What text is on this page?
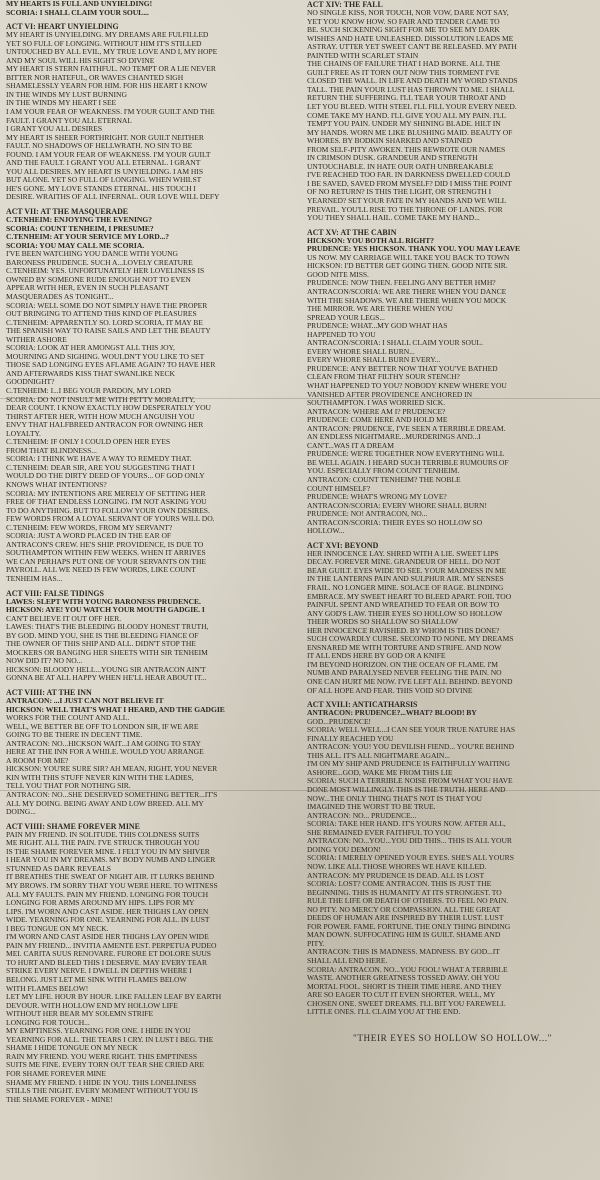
MY HEARTS IS FULL AND UNYIELDING!
SCORIA: I SHALL CLAIM YOUR SOUL...
ACT VI: HEART UNYIELDING
MY HEART IS UNYIELDING. MY DREAMS ARE FULFILLED
YET SO FULL OF LONGING. WITHOUT HIM IT'S STILLED
UNTOUCHED BY ALL EVIL, MY TRUE LOVE AND I, MY HOPE
AND MY SOUL WILL HIS SIGHT SO DIVINE
MY HEART IS STERN FAITHFUL. NO TEMPT OR A LIE NEVER
BITTER NOR HATEFUL, OR WAVES CHANTED SIGH
SHAMELESSLY YEARN FOR HIM. FOR HIS HEART I KNOW
IN THE WINDS MY LUST BURNING
IN THE WINDS MY HEART I SEE
I AM YOUR FEAR OF WEAKNESS. I'M YOUR GUILT AND THE
FAULT. I GRANT YOU ALL ETERNAL
I GRANT YOU ALL DESIRES
MY HEART IS SHEER FORTHRIGHT. NOR GUILT NEITHER
FAULT. NO SHADOWS OF HELLWRATH. NO SIN TO BE
FOUND. I AM YOUR FEAR OF WEAKNESS. I'M YOUR GUILT
AND THE FAULT. I GRANT YOU ALL ETERNAL. I GRANT
YOU ALL DESIRES. MY HEART IS UNYIELDING. I AM HIS
BUT ALONE. YET SO FULL OF LONGING. WHEN WHILST
HE'S GONE. MY LOVE STANDS ETERNAL. HIS TOUCH I
DESIRE. WRAITHS OF ALL INFERNAL. OUR LOVE WILL DEFY
ACT VII: AT THE MASQUERADE
C.TENHEIM: ENJOYING THE EVENING?
SCORIA: COUNT TENHEIM, I PRESUME?
C.TENHEIM: AT YOUR SERVICE MY LORD...?
SCORIA: YOU MAY CALL ME SCORIA.
I'VE BEEN WATCHING YOU DANCE WITH YOUNG
BARONESS PRUDENCE. SUCH A...LOVELY CREATURE
C.TENHEIM: YES. UNFORTUNATELY HER LOVELINESS IS
OWNED BY SOMEONE RUDE ENOUGH NOT TO EVEN
APPEAR WITH HER, EVEN IN SUCH PLEASANT
MASQUERADES AS TONIGHT...
SCORIA: WELL SOME DO NOT SIMPLY HAVE THE PROPER
OUT BRINGING TO ATTEND THIS KIND OF PLEASURES
C.TENHEIM: APPARENTLY SO. LORD SCORIA, IT MAY BE
THE SPANISH WAY TO RAISE SAILS AND LET THE BEAUTY
WITHER ASHORE
SCORIA: LOOK AT HER AMONGST ALL THIS JOY,
MOURNING AND SIGHING. WOULDN'T YOU LIKE TO SET
THOSE SAD LONGING EYES AFLAME AGAIN? TO HAVE HER
AND AFTERWARDS KISS THAT SWANLIKE NECK
GOODNIGHT?
C.TENHEIM: I...I BEG YOUR PARDON, MY LORD
SCORIA: DO NOT INSULT ME WITH PETTY MORALITY,
DEAR COUNT. I KNOW EXACTLY HOW DESPERATELY YOU
THIRST AFTER HER, WITH HOW MUCH ANGUISH YOU
ENVY THAT HALFBREED ANTRACON FOR OWNING HER
LOYALTY.
C.TENHEIM: IF ONLY I COULD OPEN HER EYES
FROM THAT BLINDNESS...
SCORIA: I THINK WE HAVE A WAY TO REMEDY THAT.
C.TENHEIM: DEAR SIR, ARE YOU SUGGESTING THAT I
WOULD DO THE DIRTY DEED OF YOURS... OF GOD ONLY
KNOWS WHAT INTENTIONS?
SCORIA: MY INTENTIONS ARE MERELY OF SETTING HER
FREE OF THAT ENDLESS LONGING. I'M NOT ASKING YOU
TO DO ANYTHING. BUT TO FOLLOW YOUR OWN DESIRES.
FEW WORDS FROM A LOYAL SERVANT OF YOURS WILL DO.
C.TENHEIM: FEW WORDS, FROM MY SERVANT?
SCORIA: JUST A WORD PLACED IN THE EAR OF
ANTRACON'S CREW. HE'S SHIP. PROVIDENCE, IS DUE TO
SOUTHAMPTON WITHIN FEW WEEKS. WHEN IT ARRIVES
WE CAN PERHAPS PUT ONE OF YOUR SERVANTS ON THE
PAYROLL. ALL WE NEED IS FEW WORDS, LIKE COUNT
TENHEIM HAS...
ACT VIII: FALSE TIDINGS
LAWES: SLEPT WITH YOUNG BARONESS PRUDENCE.
HICKSON: AYE! YOU WATCH YOUR MOUTH GADGIE. I
CAN'T BELIEVE IT OUT OFF HER.
LAWES: THAT'S THE BLEEDING BLOODY HONEST TRUTH,
BY GOD. MIND YOU, SHE IS THE BLEEDING FIANCE OF
THE OWNER OF THIS SHIP AND ALL. DIDN'T STOP THE
MOCKERS OR BANGING HER SHEETS WITH SIR TENHEIM
NOW DID IT? NO NO...
HICKSON: BLOODY HELL...YOUNG SIR ANTRACON AIN'T
GONNA BE AT ALL HAPPY WHEN HE'LL HEAR ABOUT IT...
ACT VIIII: AT THE INN
ANTRACON: ...I JUST CAN NOT BELIEVE IT
HICKSON: WELL THAT'S WHAT I HEARD, AND THE GADGIE
WORKS FOR THE COUNT AND ALL.
WELL, WE BETTER BE OFF TO LONDON SIR, IF WE ARE
GOING TO BE THERE IN DECENT TIME.
ANTRACON: NO...HICKSON WAIT...I AM GOING TO STAY
HERE AT THE INN FOR A WHILE. WOULD YOU ARRANGE
A ROOM FOR ME?
HICKSON: YOU'RE SURE SIR? AH MEAN, RIGHT, YOU NEVER
KIN WITH THIS STUFF NEVER KIN WITH THE LADIES,
TELL YOU THAT FOR NOTHING SIR.
ANTRACON: NO...SHE DESERVED SOMETHING BETTER...IT'S
ALL MY DOING. BEING AWAY AND LOW BREED. ALL MY
DOING...
ACT VIIII: SHAME FOREVER MINE
PAIN MY FRIEND. IN SOLITUDE. THIS COLDNESS SUITS
ME RIGHT. ALL THE PAIN. I'VE STRUCK THROUGH YOU
IS THE SHAME FOREVER MINE. I FELT YOU IN MY SHIVER
I HEAR YOU IN MY DREAMS. MY BODY NUMB AND LINGER
STUNNED AS DARK REVEALS
IT BREATHES THE SWEAT OF NIGHT AIR. IT LURKS BEHIND
MY BROWS. I'M SORRY THAT YOU WERE HERE. TO WITNESS
ALL MY FAULTS. PAIN MY FRIEND. LONGING FOR TOUCH
LONGING FOR ARMS AROUND MY HIPS. LIPS FOR MY
LIPS. I'M WORN AND CAST ASIDE. HER THIGHS LAY OPEN
WIDE. YEARNING FOR ONE. YEARNING FOR ALL. IN LUST
I BEG TONGUE ON MY NECK.
I'M WORN AND CAST ASIDE HER THIGHS LAY OPEN WIDE
PAIN MY FRIEND... INVITIA AMENTE EST. PERPETUA PUDEO
MEI. CARITA SUUS RENOVARE. FURORE ET DOLORE SUUS
TO HURT AND BLEED THIS I DESERVE. MAY EVERY TEAR
STRIKE EVERY NERVE. I DWELL IN DEPTHS WHERE I
BELONG. JUST LET ME SINK WITH FLAMES BELOW
WITH FLAMES BELOW!
LET MY LIFE. HOUR BY HOUR. LIKE FALLEN LEAF BY EARTH
DEVOUR. WITH HOLLOW END MY HOLLOW LIFE
WITHOUT HER BEAR MY SOLEMN STRIFE
LONGING FOR TOUCH...
MY EMPTINESS. YEARNING FOR ONE. I HIDE IN YOU
YEARNING FOR ALL. THE TEARS I CRY. IN LUST I BEG. THE
SHAME I HIDE TONGUE ON MY NECK
RAIN MY FRIEND. YOU WERE RIGHT. THIS EMPTINESS
SUITS ME FINE. EVERY TORN OUT TEAR SHE CRIED ARE
FOR SHAME FOREVER MINE
SHAME MY FRIEND. I HIDE IN YOU. THIS LONELINESS
STILLS THE NIGHT. EVERY MOMENT WITHOUT YOU IS
THE SHAME FOREVER - MINE!
ACT XIV: THE FALL
NO SINGLE KISS, NOR TOUCH, NOR VOW, DARE NOT SAY,
YET YOU KNOW HOW. SO FAIR AND TENDER CAME TO
BE. SUCH SICKENING SIGHT FOR ME TO SEE MY DARK
WISHES AND HATE UNLEASHED. DISSOLUTION LEADS ME
ASTRAY. UTTER YET SWEET CAN'T BE RELEASED. MY PATH
PAINTED WITH SCARLET STAIN
THE CHAINS OF FAILURE THAT I HAD BORNE. ALL THE
GUILT FREE AS IT TORN OUT NOW THIS TORMENT I'VE
CLOSED THE WALL. IN LIFE AND DEATH MY WORD STANDS
TALL. THE PAIN YOUR LUST HAS THROWN TO ME. I SHALL
RETURN THE SUFFERING. I'LL TEAR YOUR THROAT AND
LET YOU BLEED. WITH STEEL I'LL FILL YOUR EVERY NEED.
COME TAKE MY HAND. I'LL GIVE YOU ALL MY PAIN. I'LL
TEMPT YOU PAIN. UNDER MY SHINING BLADE. HILT IN
MY HANDS. WORN ME LIKE BLUSHING MAID. BEAUTY OF
WHORES. BY BODKIN SHARKED AND STAINED
FROM SELF-PITY AWOKEN. THIS REWROTE OUR NAMES
IN CRIMSON DUSK. GRANDEUR AND STRENGTH
UNTOUCHABLE. IN HATE OUR OATH UNBREAKABLE
I'VE REACHED TOO FAR. IN DARKNESS DWELLED COULD
I BE SAVED, SAVED FROM MYSELF? DID I MISS THE POINT
OF NO RETURN? IS THIS THE LIGHT, OR STRENGTH I
YEARNED? SET YOUR FATE IN MY HANDS AND WE WILL
PREVAIL. YOU'LL RISE TO THE THRONE OF LANDS. FOR
YOU THEY SHALL HAIL. COME TAKE MY HAND...
ACT XV: AT THE CABIN
HICKSON: YOU BOTH ALL RIGHT?
PRUDENCE: YES HICKSON. THANK YOU. YOU MAY LEAVE
US NOW. MY CARRIAGE WILL TAKE YOU BACK TO TOWN
HICKSON: I'D BETTER GET GOING THEN. GOOD NITE SIR.
GOOD NITE MISS.
PRUDENCE: NOW THEN. FEELING ANY BETTER HMH?
ANTRACON/SCORIA: WE ARE THERE WHEN YOU DANCE
WITH THE SHADOWS. WE ARE THERE WHEN YOU MOCK
THE MIRROR. WE ARE THERE WHEN YOU
SPREAD YOUR LEGS...
PRUDENCE: WHAT...MY GOD WHAT HAS
HAPPENED TO YOU
ANTRACON/SCORIA: I SHALL CLAIM YOUR SOUL.
EVERY WHORE SHALL BURN...
EVERY WHORE SHALL BURN EVERY...
PRUDENCE: ANY BETTER NOW THAT YOU'VE BATHED
CLEAN FROM THAT FILTHY SOUR STENCH?
WHAT HAPPENED TO YOU? NOBODY KNEW WHERE YOU
VANISHED AFTER PROVIDENCE ANCHORED IN
SOUTHAMPTON. I WAS WORRIED SICK.
ANTRACON: WHERE AM I? PRUDENCE?
PRUDENCE: COME HERE AND HOLD ME
ANTRACON: PRUDENCE, I'VE SEEN A TERRIBLE DREAM.
AN ENDLESS NIGHTMARE...MURDERINGS AND...I
CAN'T...WAS IT A DREAM
PRUDENCE: WE'RE TOGETHER NOW EVERYTHING WILL
BE WELL AGAIN. I HEARD SUCH TERRIBLE RUMOURS OF
YOU. ESPECIALLY FROM COUNT TENHEIM.
ANTRACON: COUNT TENHEIM? THE NOBLE
COUNT HIMSELF?
PRUDENCE: WHAT'S WRONG MY LOVE?
ANTRACON/SCORIA: EVERY WHORE SHALL BURN!
PRUDENCE: NO! ANTRACON, NO...
ANTRACON/SCORIA: THEIR EYES SO HOLLOW SO
HOLLOW...
ACT XVI: BEYOND
HER INNOCENCE LAY. SHRED WITH A LIE. SWEET LIPS
DECAY. FOREVER MINE. GRANDEUR OF HELL. DO NOT
BEAR GUILT. EYES WIDE TO SEE. YOUR MADNESS IN ME
IN THE LANTERNS PAIN AND SULPHUR AIR. MY SENSES
FRAIL. NO LONGER MINE. SOLACE OF RAGE. BLINDING
EMBRACE. MY SWEET HEART TO BLEED APART. FOIL TOO
PAINFUL SPENT AND WREATHED TO FEAR OR BOW TO
ANY GOD'S LAW. THEIR EYES SO HOLLOW SO HOLLOW
THEIR WORDS SO SHALLOW SO SHALLOW
HER INNOCENCE RAVISHED. BY WHOM IS THIS DONE?
SUCH COWARDLY CURSE. SECOND TO NONE. MY DREAMS
ENSNARED ME WITH TORTURE AND STRIFE. AND NOW
IT ALL ENDS HERE BY GOD OR A KNIFE
I'M BEYOND HORIZON. ON THE OCEAN OF FLAME. I'M
NUMB AND PARALYSED NEVER FEELING THE PAIN. NO
ONE CAN HURT ME NOW. I'VE LEFT ALL BEHIND. BEYOND
OF ALL HOPE AND FEAR. THIS VOID SO DIVINE
ACT XVII.I: ANTICATHARSIS
ANTRACON: PRUDENCE?...WHAT? BLOOD! BY
GOD...PRUDENCE!
SCORIA: WELL WELL...I CAN SEE YOUR TRUE NATURE HAS
FINALLY REACHED YOU
ANTRACON: YOU! YOU DEVILISH FIEND... YOU'RE BEHIND
THIS ALL. IT'S ALL NIGHTMARE AGAIN...
I'M ON MY SHIP AND PRUDENCE IS FAITHFULLY WAITING
ASHORE...GOD, WAKE ME FROM THIS LIE
SCORIA: SUCH A TERRIBLE NOISE FROM WHAT YOU HAVE
DONE MOST WILLINGLY. THIS IS THE TRUTH. HERE AND
NOW...THE ONLY THING THAT'S NOT IS THAT YOU
IMAGINED THE WORST TO BE TRUE.
ANTRACON: NO... PRUDENCE...
SCORIA: TAKE HER HAND. IT'S YOURS NOW. AFTER ALL,
SHE REMAINED EVER FAITHFUL TO YOU
ANTRACON: NO...YOU...YOU DID THIS... THIS IS ALL YOUR
DOING YOU DEMON!
SCORIA: I MERELY OPENED YOUR EYES. SHE'S ALL YOURS
NOW. LIKE ALL THOSE WHORES WE HAVE KILLED.
ANTRACON: MY PRUDENCE IS DEAD. ALL IS LOST
SCORIA: LOST? COME ANTRACON. THIS IS JUST THE
BEGINNING. THIS IS HUMANITY AT ITS STRONGEST. TO
RULE THE LIFE OR DEATH OF OTHERS. TO FEEL NO PAIN.
NO PITY. NO MERCY OR COMPASSION. ALL THE GREAT
DEEDS OF HUMAN ARE INSPIRED BY THEIR LUST. LUST
FOR POWER. FAME. FORTUNE. THE ONLY THING BINDING
MAN DOWN. SUFFOCATING HIM IS GUILT. SHAME AND
PITY.
ANTRACON: THIS IS MADNESS. MADNESS. BY GOD...IT
SHALL ALL END HERE.
SCORIA: ANTRACON. NO...YOU FOOL! WHAT A TERRIBLE
WASTE. ANOTHER GREATNESS TOSSED AWAY. OH YOU
MORTAL FOOL. SHORT IS THEIR TIME HERE. AND THEY
ARE SO EAGER TO CUT IT EVEN SHORTER. WELL, MY
CHOSEN ONE. SWEET DREAMS. I'LL BIT YOU FAREWELL
LITTLE ONES. I'LL CLAIM YOU AT THE END.
"THEIR EYES SO HOLLOW SO HOLLOW..."
